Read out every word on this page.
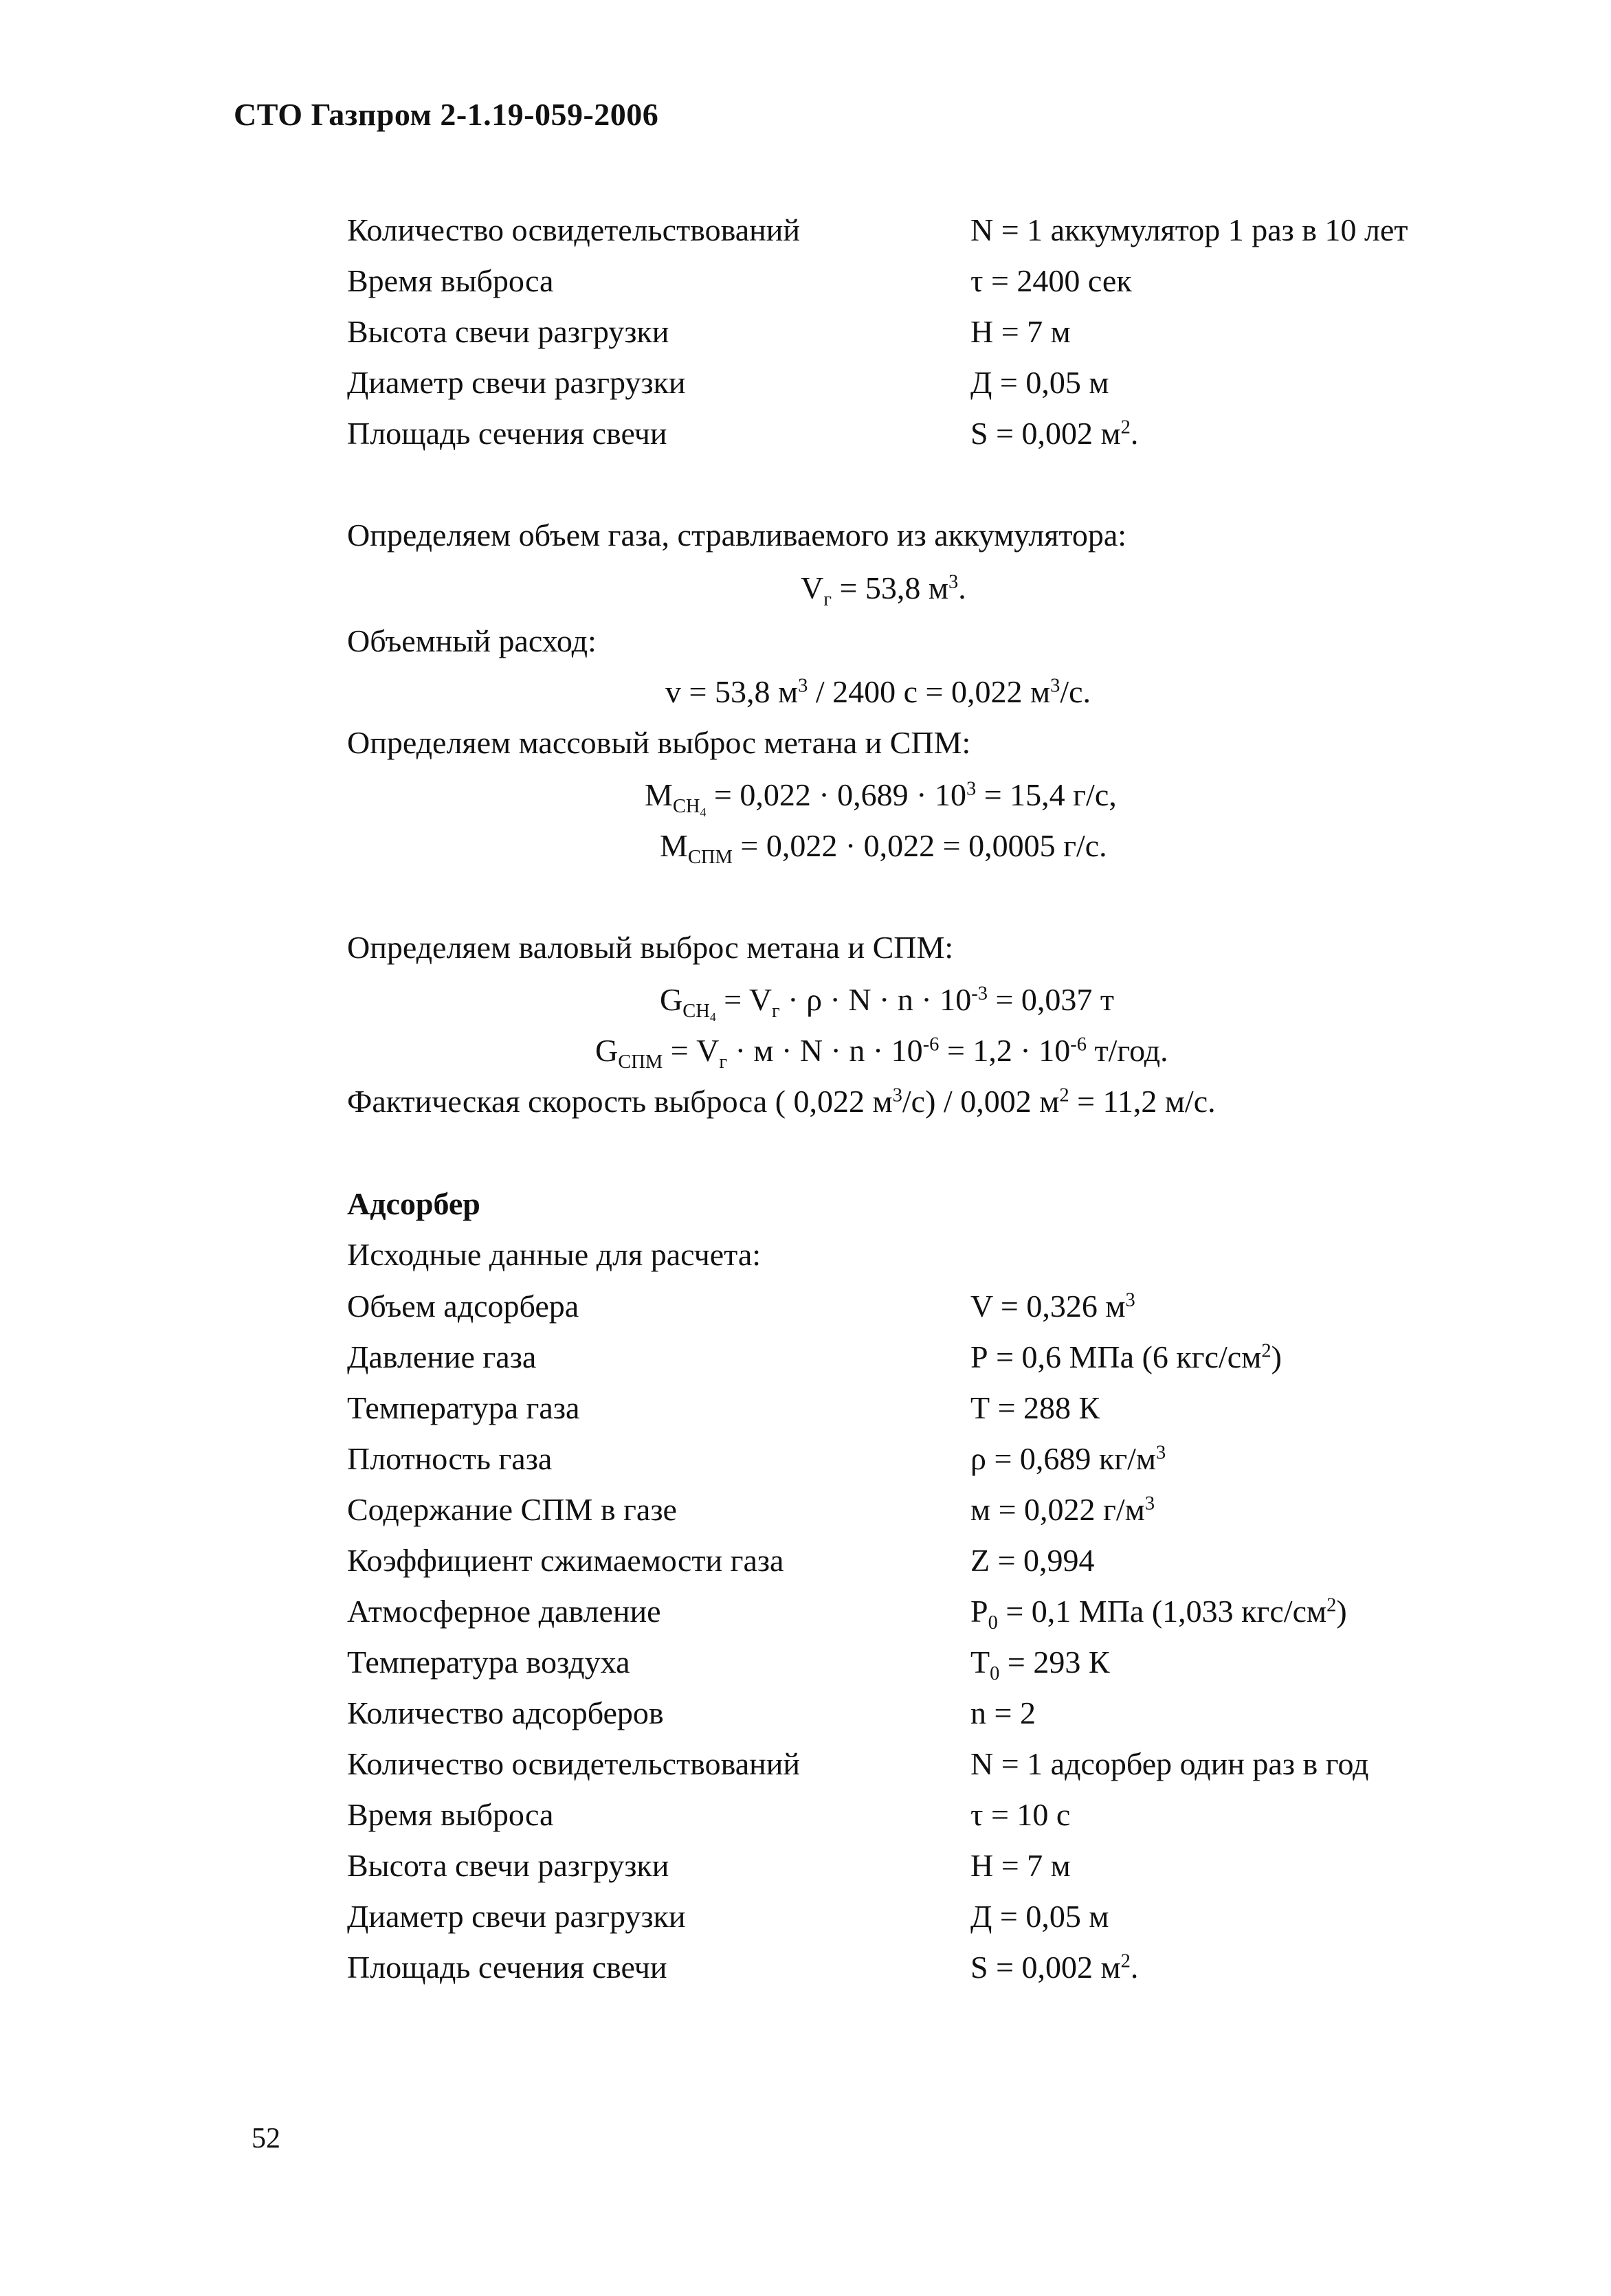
СТО Газпром 2-1.19-059-2006
Количество освидетельствований	N = 1 аккумулятор 1 раз в 10 лет
Время выброса	τ = 2400 сек
Высота свечи разгрузки	Н = 7 м
Диаметр свечи разгрузки	Д = 0,05 м
Площадь сечения свечи	S = 0,002 $м^2$.
Определяем объем газа, стравливаемого из аккумулятора:
$V_г = 53,8$ $м^3$.
Объемный расход:
v = 53,8 $м^3 / 2400$ с = 0,022 $м^3/с$.
Определяем массовый выброс метана и СПМ:
$M_{CH_4} = 0,022 \cdot 0,689 \cdot 10^3 = 15,4$ г/с,
$M_{СПМ} = 0,022 \cdot 0,022 = 0,0005$ г/с.
Определяем валовый выброс метана и СПМ:
$G_{CH_4} = V_г \cdot \rho \cdot N \cdot n \cdot 10^{-3} = 0,037$ т
$G_{СПМ} = V_г \cdot м \cdot N \cdot n \cdot 10^{-6} = 1,2 \cdot 10^{-6}$ т/год.
Фактическая скорость выброса ( 0,022 $м^3/с) / 0,002$ $м^2 = 11,2$ м/с.
Адсорбер
Исходные данные для расчета:
Объем адсорбера	V = 0,326 $м^3$
Давление газа	Р = 0,6 МПа (6 кгс/$см^2$)
Температура газа	Т = 288 К
Плотность газа	ρ = 0,689 $кг/м^3$
Содержание СПМ в газе	м = 0,022 $г/м^3$
Коэффициент сжимаемости газа	Z = 0,994
Атмосферное давление	$Р_0 = 0,1$ МПа (1,033 кгс/$см^2$)
Температура воздуха	$Т_0 = 293$ К
Количество адсорберов	n = 2
Количество освидетельствований	N = 1 адсорбер один раз в год
Время выброса	τ = 10 с
Высота свечи разгрузки	Н = 7 м
Диаметр свечи разгрузки	Д = 0,05 м
Площадь сечения свечи	S = 0,002 $м^2$.
52
